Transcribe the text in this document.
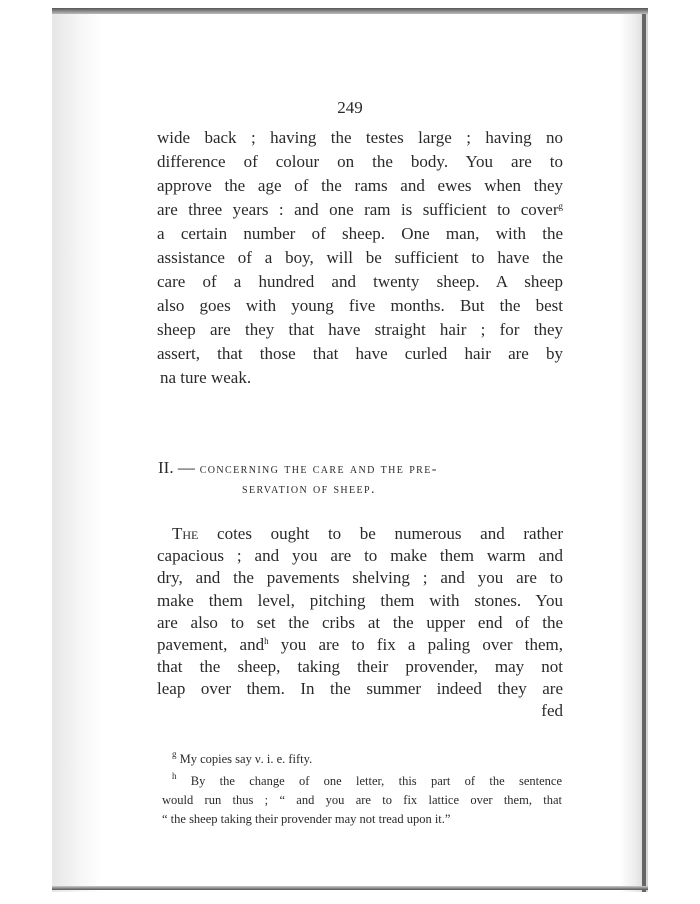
249
wide back ; having the testes large ; having no
difference of colour on the body. You are to
approve the age of the rams and ewes when they
are three years : and one ram is sufficient to cover$^g$
a certain number of sheep. One man, with the
assistance of a boy, will be sufficient to have the
care of a hundred and twenty sheep. A sheep
also goes with young five months. But the best
sheep are they that have straight hair ; for they
assert, that those that have curled hair are by
na ture weak.
II. — concerning the care and the pre-
servation of sheep.
The cotes ought to be numerous and rather
capacious ; and you are to make them warm and
dry, and the pavements shelving ; and you are to
make them level, pitching them with stones. You
are also to set the cribs at the upper end of the
pavement, and$^h$ you are to fix a paling over them,
that the sheep, taking their provender, may not
leap over them. In the summer indeed they are
fed
$^g$ My copies say ν. i. e. fifty.
$^h$ By the change of one letter, this part of the sentence
would run thus ; “ and you are to fix lattice over them, that
“ the sheep taking their provender may not tread upon it.”
